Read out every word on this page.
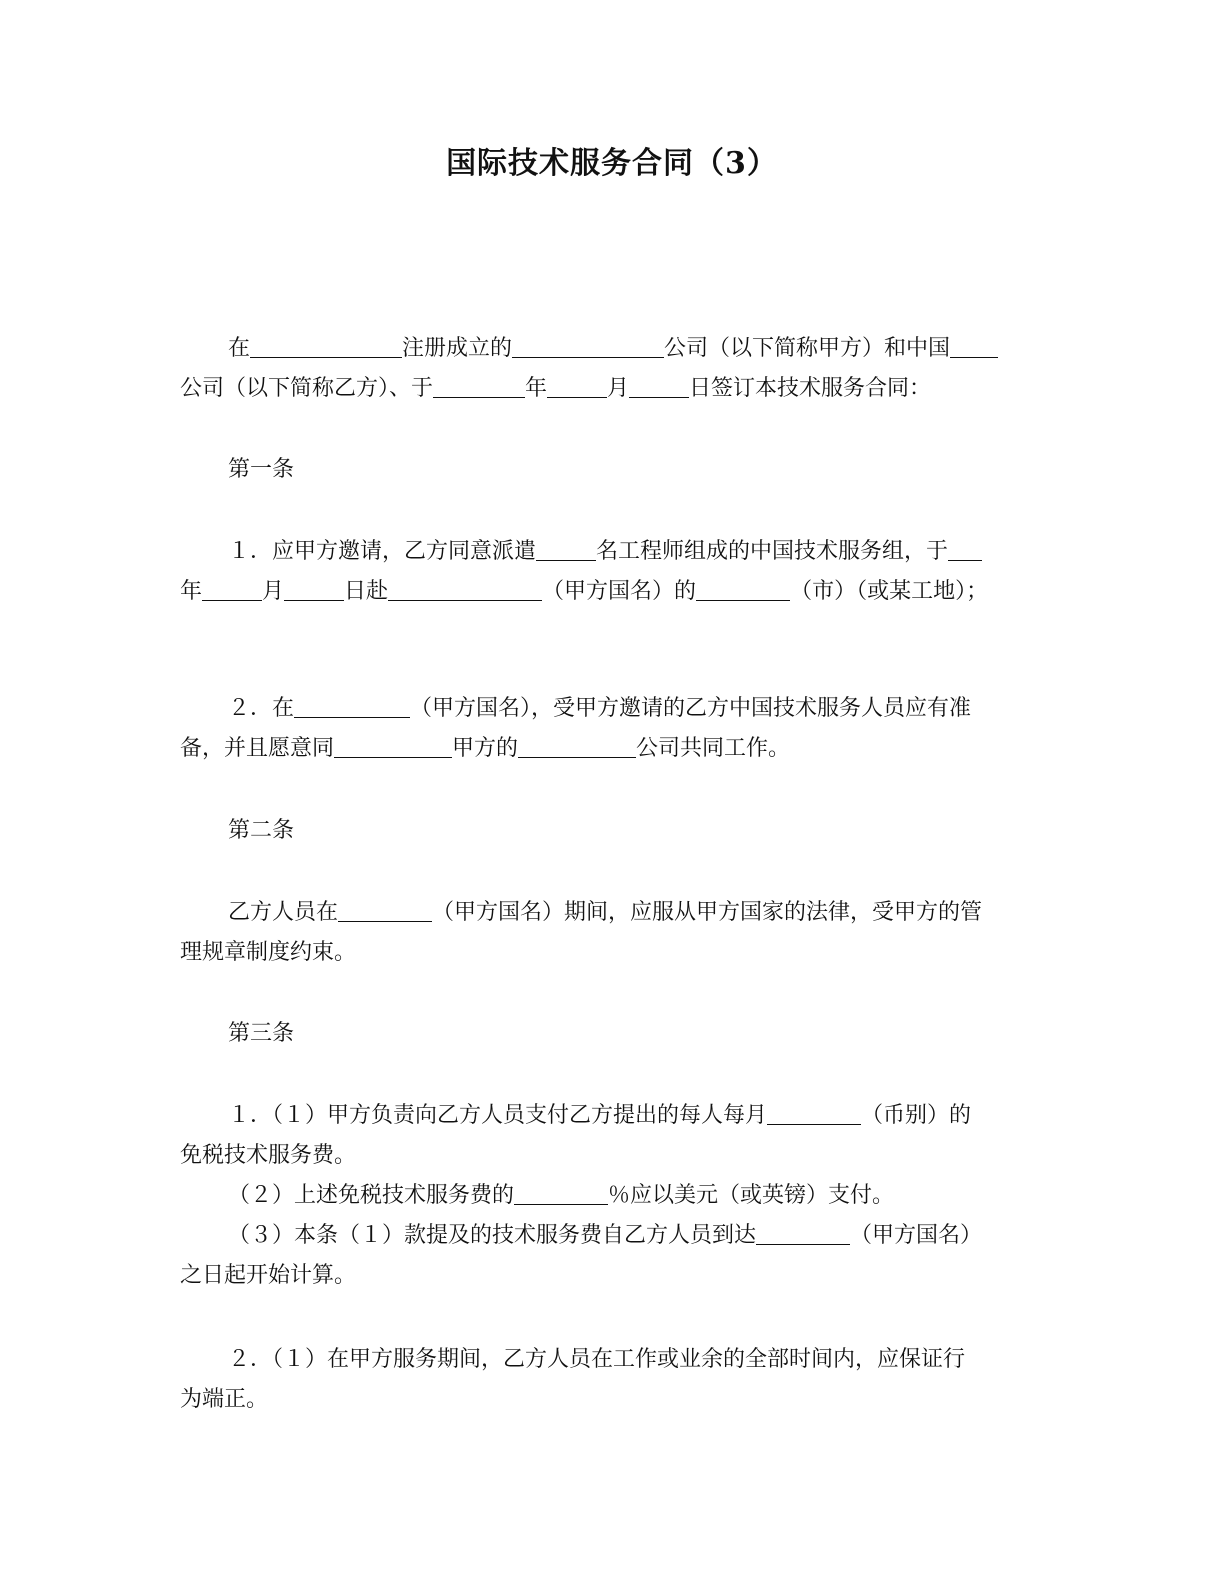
国际技术服务合同（3）
在	注册成立的	公司（以下简称甲方）和中国
公司（以下简称乙方）、于	年	月	日签订本技术服务合同：
第一条
１．应甲方邀请，乙方同意派遣	名工程师组成的中国技术服务组，于
年	月	日赴	（甲方国名）的	（市）（或某工地）；
２．在	（甲方国名），受甲方邀请的乙方中国技术服务人员应有准
备，并且愿意同	甲方的	公司共同工作。
第二条
乙方人员在	（甲方国名）期间，应服从甲方国家的法律，受甲方的管
理规章制度约束。
第三条
１．（１）甲方负责向乙方人员支付乙方提出的每人每月	（币别）的
免税技术服务费。
（２）上述免税技术服务费的	％应以美元（或英镑）支付。
（３）本条（１）款提及的技术服务费自乙方人员到达	（甲方国名）
之日起开始计算。
２．（１）在甲方服务期间，乙方人员在工作或业余的全部时间内，应保证行
为端正。
